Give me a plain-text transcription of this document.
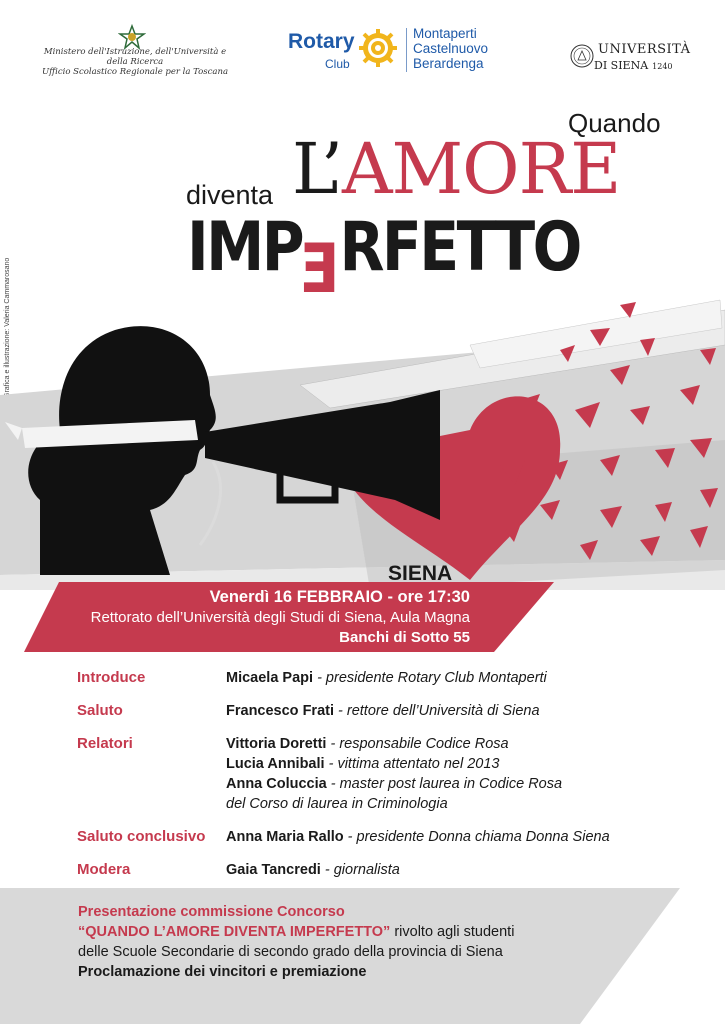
Ministero dell'Istruzione, dell'Università e della Ricerca
Ufficio Scolastico Regionale per la Toscana
Rotary
Club
Montaperti
Castelnuovo
Berardenga
UNIVERSITÀ
DI SIENA 1240
Quando
L’AMORE
diventa
IMPERFETTO
Grafica e illustrazione: Valeria Cammarosano
SIENA
Venerdì 16 FEBBRAIO - ore 17:30
Rettorato dell’Università degli Studi di Siena, Aula Magna
Banchi di Sotto 55
Introduce	Micaela Papi - presidente Rotary Club Montaperti
Saluto	Francesco Frati - rettore dell’Università di Siena
Relatori	Vittoria Doretti - responsabile Codice Rosa
Lucia Annibali - vittima attentato nel 2013
Anna Coluccia - master post laurea in Codice Rosa
del Corso di laurea in Criminologia
Saluto conclusivo	Anna Maria Rallo - presidente Donna chiama Donna Siena
Modera	Gaia Tancredi - giornalista
Presentazione commissione Concorso
“QUANDO L’AMORE DIVENTA IMPERFETTO” rivolto agli studenti
delle Scuole Secondarie di secondo grado della provincia di Siena
Proclamazione dei vincitori e premiazione
